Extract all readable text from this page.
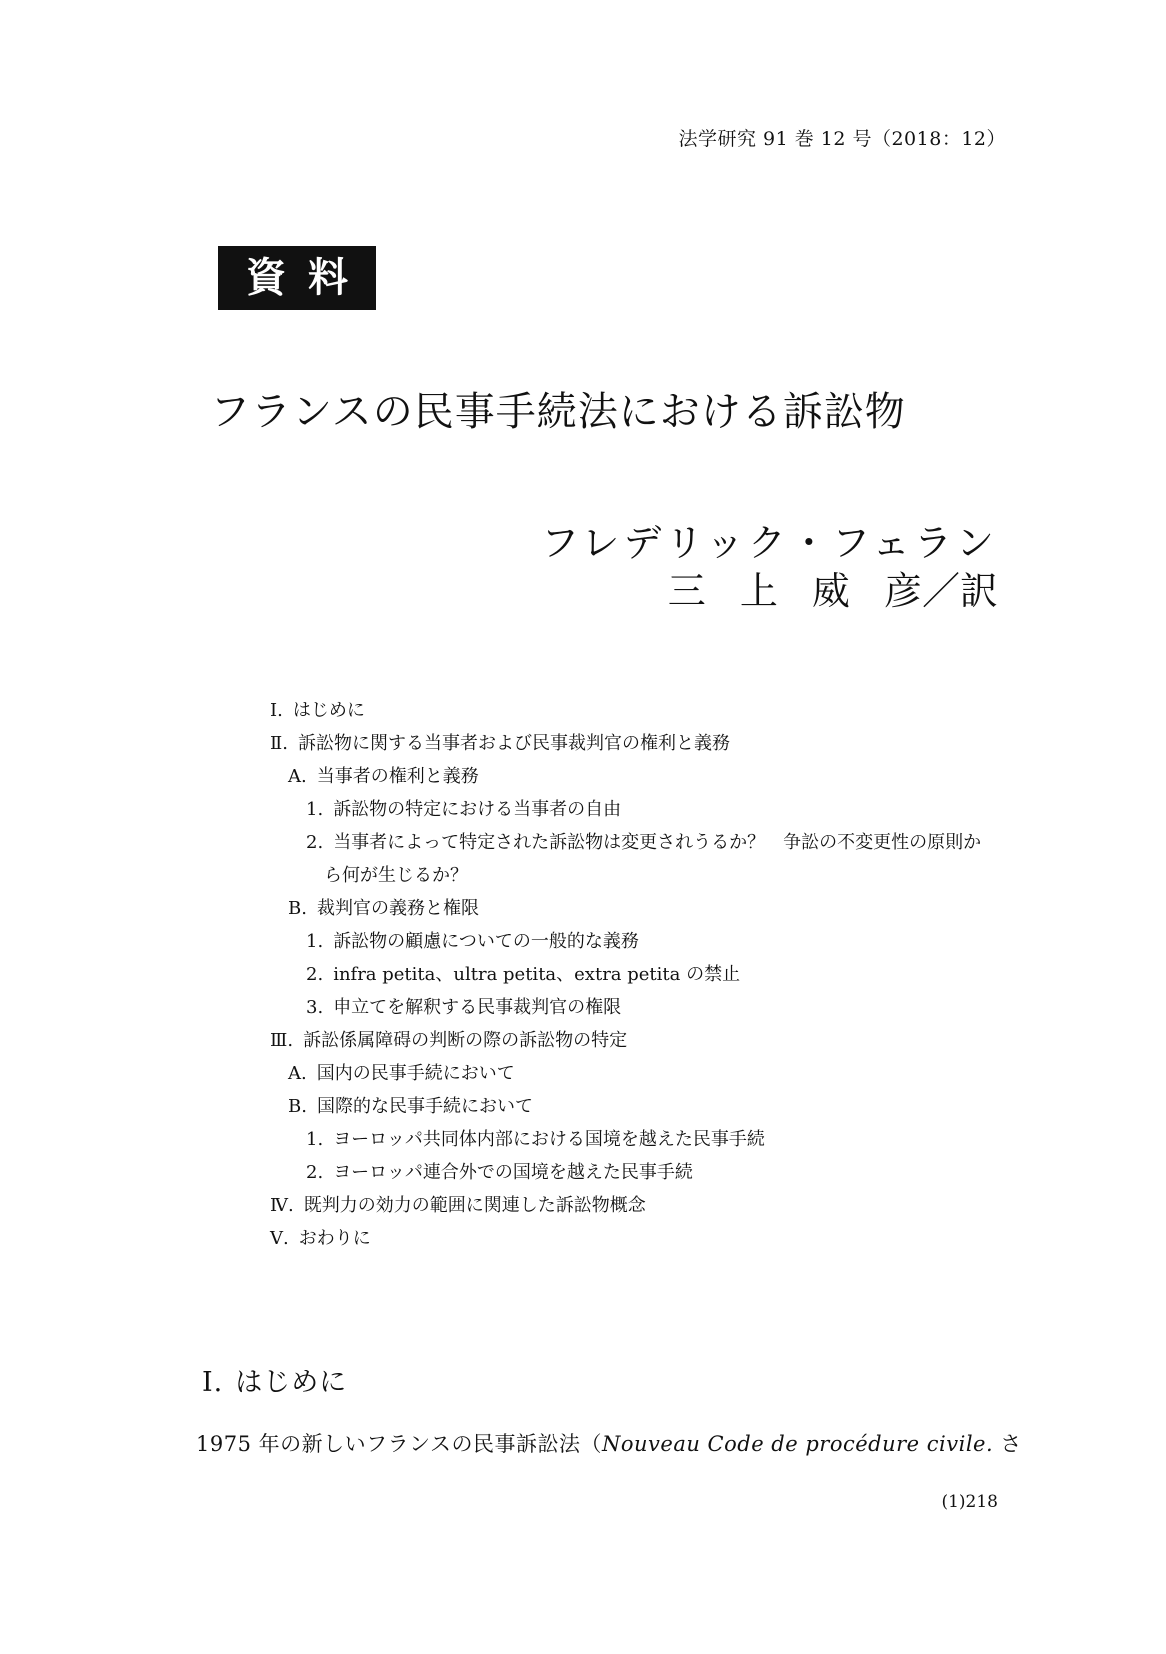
法学研究 91 巻 12 号（2018：12）
資料
フランスの民事手続法における訴訟物
フレデリック・フェラン
三 上 威 彦／訳
Ⅰ. はじめに
Ⅱ. 訴訟物に関する当事者および民事裁判官の権利と義務
A. 当事者の権利と義務
1. 訴訟物の特定における当事者の自由
2. 当事者によって特定された訴訟物は変更されうるか？　争訟の不変更性の原則か
ら何が生じるか？
B. 裁判官の義務と権限
1. 訴訟物の顧慮についての一般的な義務
2. infra petita、ultra petita、extra petita の禁止
3. 申立てを解釈する民事裁判官の権限
Ⅲ. 訴訟係属障碍の判断の際の訴訟物の特定
A. 国内の民事手続において
B. 国際的な民事手続において
1. ヨーロッパ共同体内部における国境を越えた民事手続
2. ヨーロッパ連合外での国境を越えた民事手続
Ⅳ. 既判力の効力の範囲に関連した訴訟物概念
Ⅴ. おわりに
Ⅰ. はじめに
1975 年の新しいフランスの民事訴訟法（Nouveau Code de procédure civile. さ
(1)218
